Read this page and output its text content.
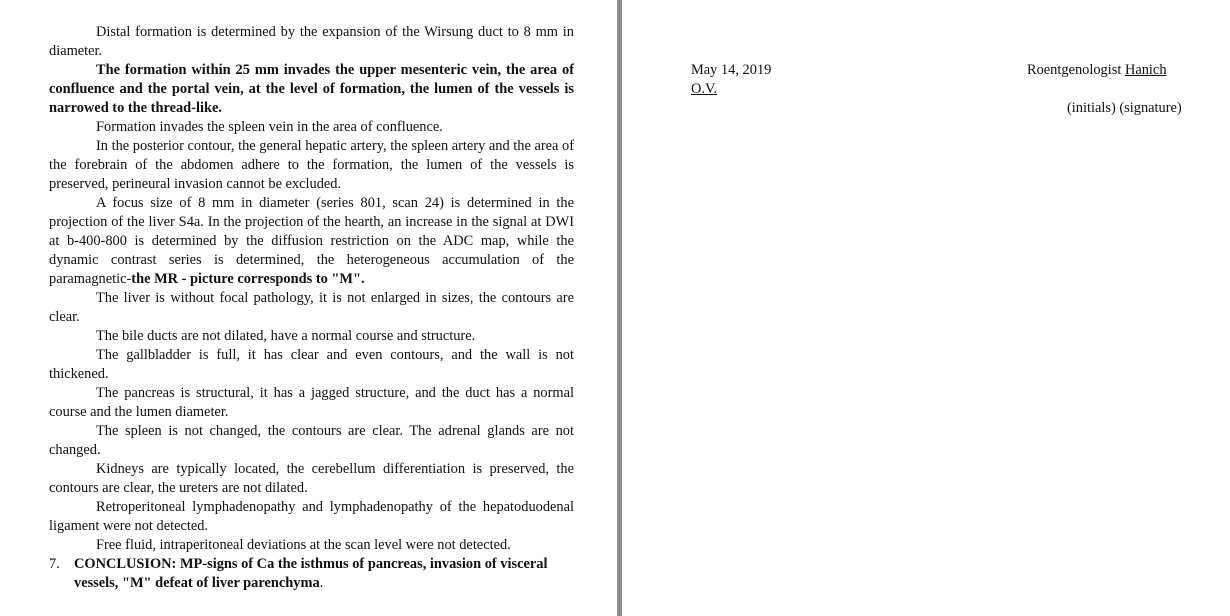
Distal formation is determined by the expansion of the Wirsung duct to 8 mm in diameter.

The formation within 25 mm invades the upper mesenteric vein, the area of confluence and the portal vein, at the level of formation, the lumen of the vessels is narrowed to the thread-like.

Formation invades the spleen vein in the area of confluence.

In the posterior contour, the general hepatic artery, the spleen artery and the area of the forebrain of the abdomen adhere to the formation, the lumen of the vessels is preserved, perineural invasion cannot be excluded.

A focus size of 8 mm in diameter (series 801, scan 24) is determined in the projection of the liver S4a. In the projection of the hearth, an increase in the signal at DWI at b-400-800 is determined by the diffusion restriction on the ADC map, while the dynamic contrast series is determined, the heterogeneous accumulation of the paramagnetic-the MR - picture corresponds to "M".

The liver is without focal pathology, it is not enlarged in sizes, the contours are clear.

The bile ducts are not dilated, have a normal course and structure.

The gallbladder is full, it has clear and even contours, and the wall is not thickened.

The pancreas is structural, it has a jagged structure, and the duct has a normal course and the lumen diameter.

The spleen is not changed, the contours are clear. The adrenal glands are not changed.

Kidneys are typically located, the cerebellum differentiation is preserved, the contours are clear, the ureters are not dilated.

Retroperitoneal lymphadenopathy and lymphadenopathy of the hepatoduodenal ligament were not detected.

Free fluid, intraperitoneal deviations at the scan level were not detected.

7. CONCLUSION: MP-signs of Ca the isthmus of pancreas, invasion of visceral vessels, "M" defeat of liver parenchyma.

May 14, 2019
O.V.
Roentgenologist Hanich
(initials) (signature)
